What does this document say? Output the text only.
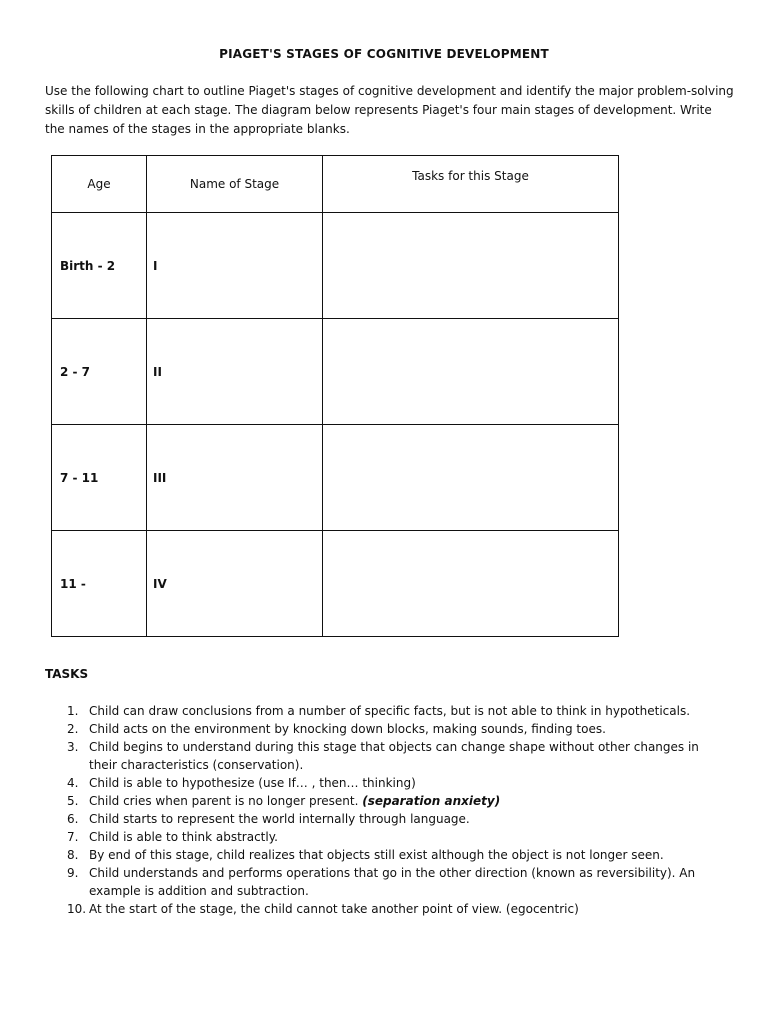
PIAGET'S STAGES OF COGNITIVE DEVELOPMENT

Use the following chart to outline Piaget's stages of cognitive development and identify the major problem-solving

skills of children at each stage. The diagram below represents Piaget's four main stages of development. Write

the names of the stages in the appropriate blanks.

Age	Name of Stage	Tasks for this Stage
Birth - 2	I	
2 - 7	II	
7 - 11	III	
11 -	IV	
TASKS
1. Child can draw conclusions from a number of specific facts, but is not able to think in hypotheticals.
2. Child acts on the environment by knocking down blocks, making sounds, finding toes.
3. Child begins to understand during this stage that objects can change shape without other changes in their characteristics (conservation).
4. Child is able to hypothesize (use If… , then… thinking)
5. Child cries when parent is no longer present. (separation anxiety)
6. Child starts to represent the world internally through language.
7. Child is able to think abstractly.
8. By end of this stage, child realizes that objects still exist although the object is not longer seen.
9. Child understands and performs operations that go in the other direction (known as reversibility). An example is addition and subtraction.
10. At the start of the stage, the child cannot take another point of view. (egocentric)
